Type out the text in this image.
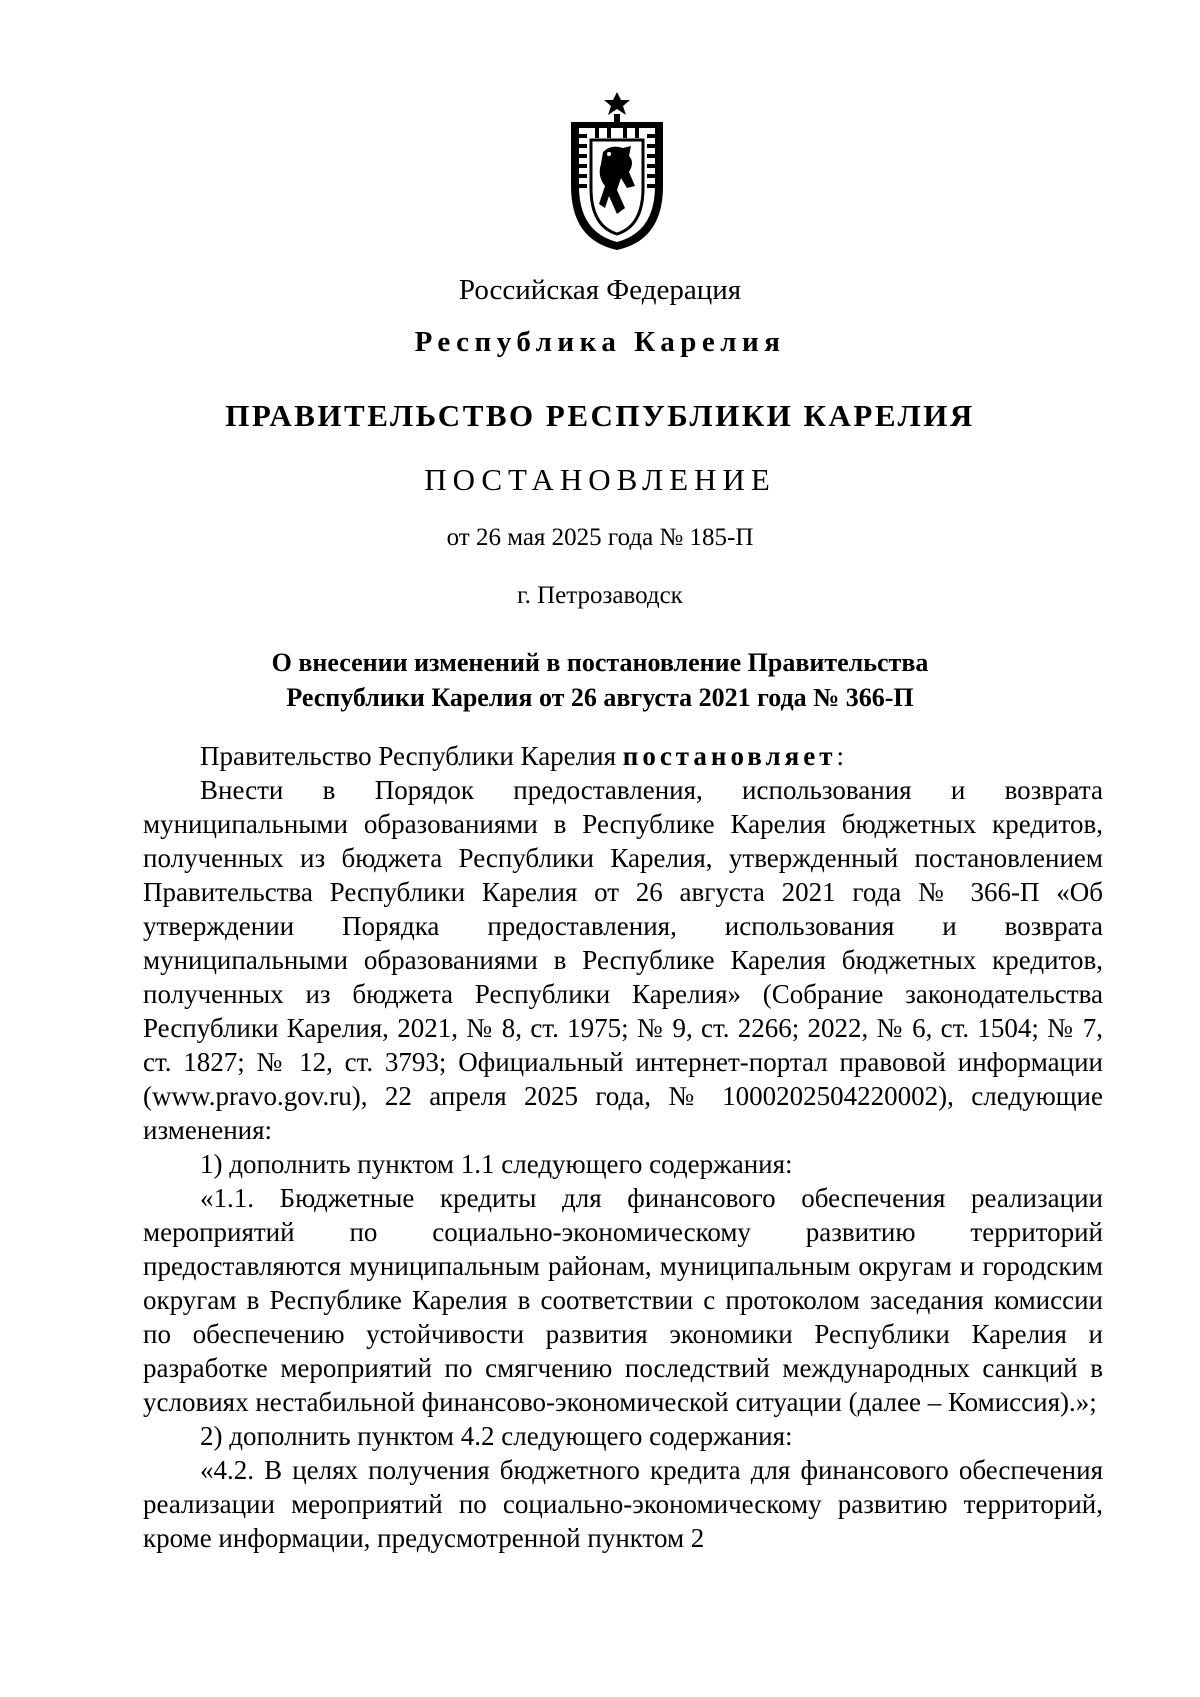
Российская Федерация
Республика Карелия
ПРАВИТЕЛЬСТВО РЕСПУБЛИКИ КАРЕЛИЯ
ПОСТАНОВЛЕНИЕ
от 26 мая 2025 года № 185-П
г. Петрозаводск
О внесении изменений в постановление Правительства
Республики Карелия от 26 августа 2021 года № 366-П

Правительство Республики Карелия постановляет:

Внести в Порядок предоставления, использования и возврата муниципальными образованиями в Республике Карелия бюджетных кредитов, полученных из бюджета Республики Карелия, утвержденный постановлением Правительства Республики Карелия от 26 августа 2021 года № 366-П «Об утверждении Порядка предоставления, использования и возврата муниципальными образованиями в Республике Карелия бюджетных кредитов, полученных из бюджета Республики Карелия» (Собрание законодательства Республики Карелия, 2021, № 8, ст. 1975; № 9, ст. 2266; 2022, № 6, ст. 1504; № 7, ст. 1827; № 12, ст. 3793; Официальный интернет-портал правовой информации (www.pravo.gov.ru), 22 апреля 2025 года, № 1000202504220002), следующие изменения:

1) дополнить пунктом 1.1 следующего содержания:

«1.1. Бюджетные кредиты для финансового обеспечения реализации мероприятий по социально-экономическому развитию территорий предоставляются муниципальным районам, муниципальным округам и городским округам в Республике Карелия в соответствии с протоколом заседания комиссии по обеспечению устойчивости развития экономики Республики Карелия и разработке мероприятий по смягчению последствий международных санкций в условиях нестабильной финансово-экономической ситуации (далее – Комиссия).»;

2) дополнить пунктом 4.2 следующего содержания:

«4.2. В целях получения бюджетного кредита для финансового обеспечения реализации мероприятий по социально-экономическому развитию территорий, кроме информации, предусмотренной пунктом 2
